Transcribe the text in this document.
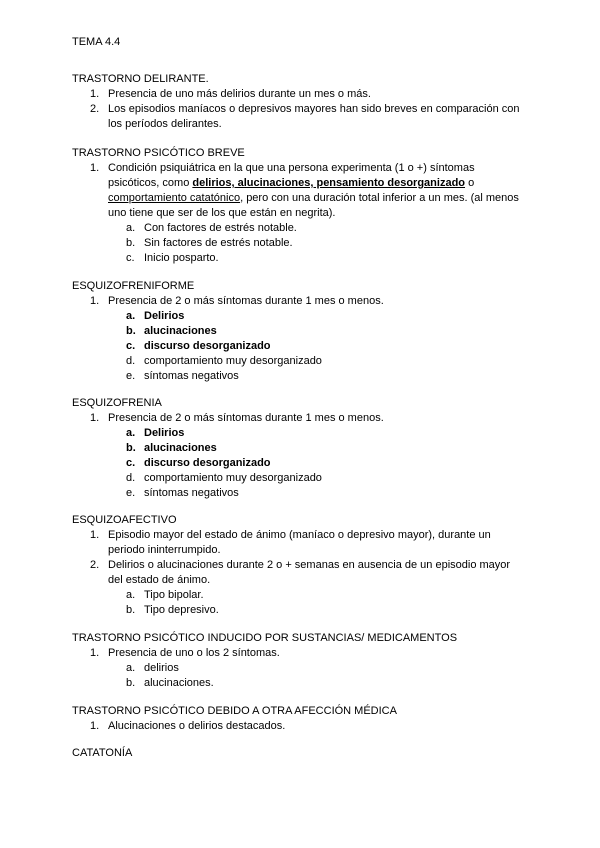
TEMA 4.4
TRASTORNO DELIRANTE.
1. Presencia de uno más delirios durante un mes o más.
2. Los episodios maníacos o depresivos mayores han sido breves en comparación con
los períodos delirantes.
TRASTORNO PSICÓTICO BREVE
1. Condición psiquiátrica en la que una persona experimenta (1 o +) síntomas
psicóticos, como delirios, alucinaciones, pensamiento desorganizado o
comportamiento catatónico, pero con una duración total inferior a un mes. (al menos
uno tiene que ser de los que están en negrita).
a. Con factores de estrés notable.
b. Sin factores de estrés notable.
c. Inicio posparto.
ESQUIZOFRENIFORME
1. Presencia de 2 o más síntomas durante 1 mes o menos.
a. Delirios
b. alucinaciones
c. discurso desorganizado
d. comportamiento muy desorganizado
e. síntomas negativos
ESQUIZOFRENIA
1. Presencia de 2 o más síntomas durante 1 mes o menos.
a. Delirios
b. alucinaciones
c. discurso desorganizado
d. comportamiento muy desorganizado
e. síntomas negativos
ESQUIZOAFECTIVO
1. Episodio mayor del estado de ánimo (maníaco o depresivo mayor), durante un
periodo ininterrumpido.
2. Delirios o alucinaciones durante 2 o + semanas en ausencia de un episodio mayor
del estado de ánimo.
a. Tipo bipolar.
b. Tipo depresivo.
TRASTORNO PSICÓTICO INDUCIDO POR SUSTANCIAS/ MEDICAMENTOS
1. Presencia de uno o los 2 síntomas.
a. delirios
b. alucinaciones.
TRASTORNO PSICÓTICO DEBIDO A OTRA AFECCIÓN MÉDICA
1. Alucinaciones o delirios destacados.
CATATONÍA
